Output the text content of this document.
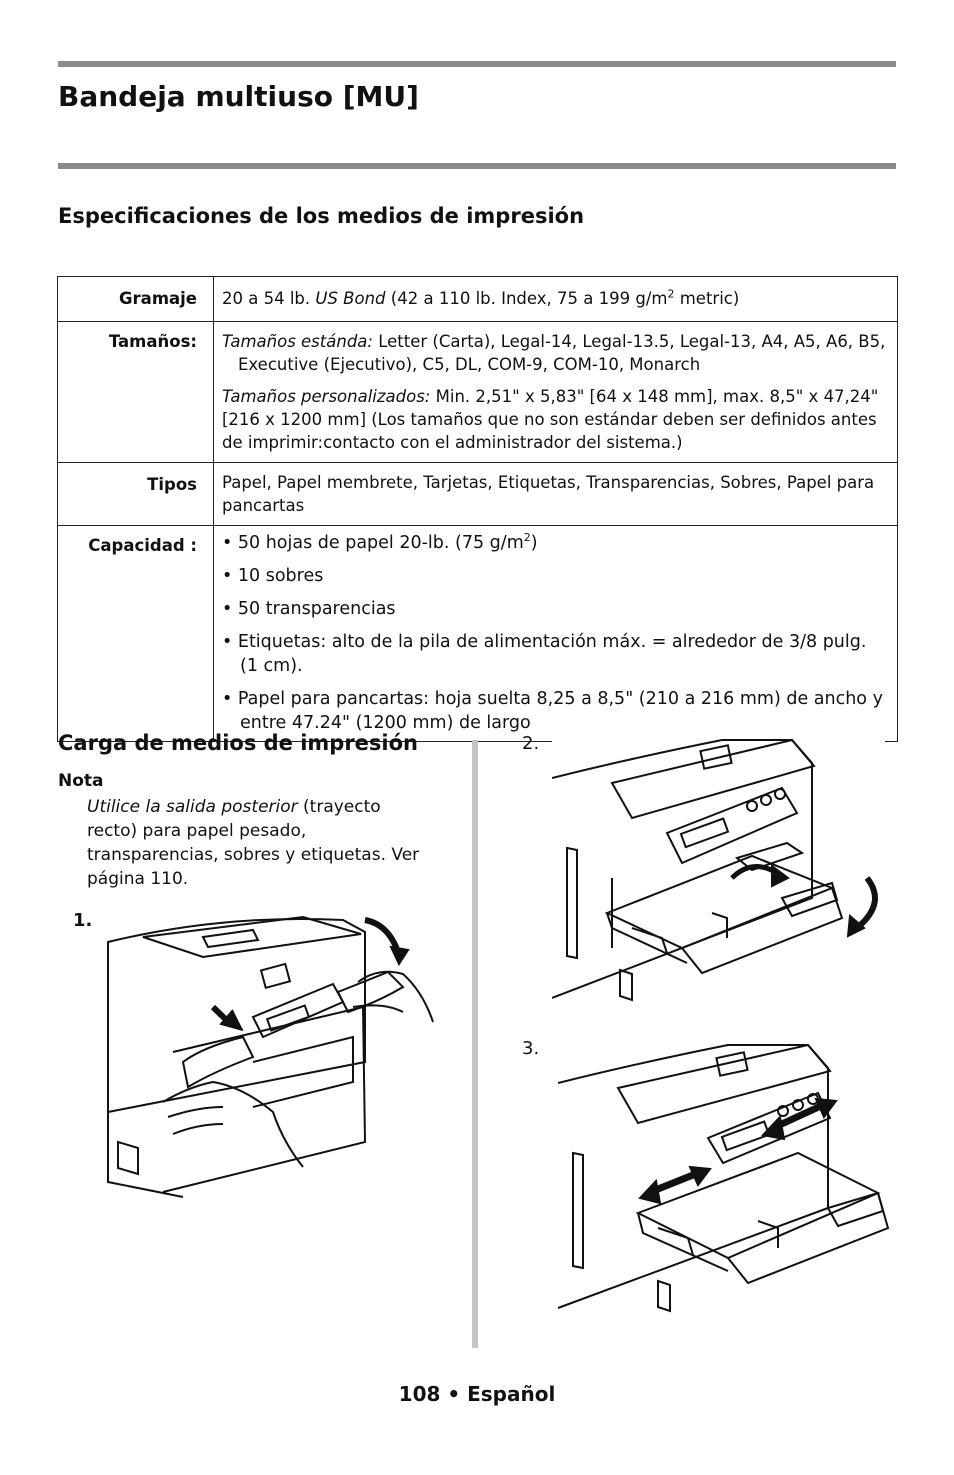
Bandeja multiuso [MU]
Especificaciones de los medios de impresión
Gramaje	20 a 54 lb. US Bond (42 a 110 lb. Index, 75 a 199 $g/m^2$ metric)
Tamaños:	Tamaños estánda: Letter (Carta), Legal-14, Legal-13.5, Legal-13, A4, A5, A6, B5, Executive (Ejecutivo), C5, DL, COM-9, COM-10, Monarch

Tamaños personalizados: Min. 2,51" x 5,83" [64 x 148 mm], max. 8,5" x 47,24" [216 x 1200 mm] (Los tamaños que no son estándar deben ser definidos antes de imprimir:contacto con el administrador del sistema.)

Tipos	Papel, Papel membrete, Tarjetas, Etiquetas, Transparencias, Sobres, Papel para pancartas
Capacidad :	• 50 hojas de papel 20-lb. (75 $g/m^2$)

• 10 sobres

• 50 transparencias

• Etiquetas: alto de la pila de alimentación máx. = alrededor de 3/8 pulg. (1 cm).

• Papel para pancartas: hoja suelta 8,25 a 8,5" (210 a 216 mm) de ancho y entre 47.24" (1200 mm) de largo

Carga de medios de impresión
Nota
Utilice la salida posterior (trayecto recto) para papel pesado, transparencias, sobres y etiquetas. Ver página 110.
1.
2.
3.
108 • Español
